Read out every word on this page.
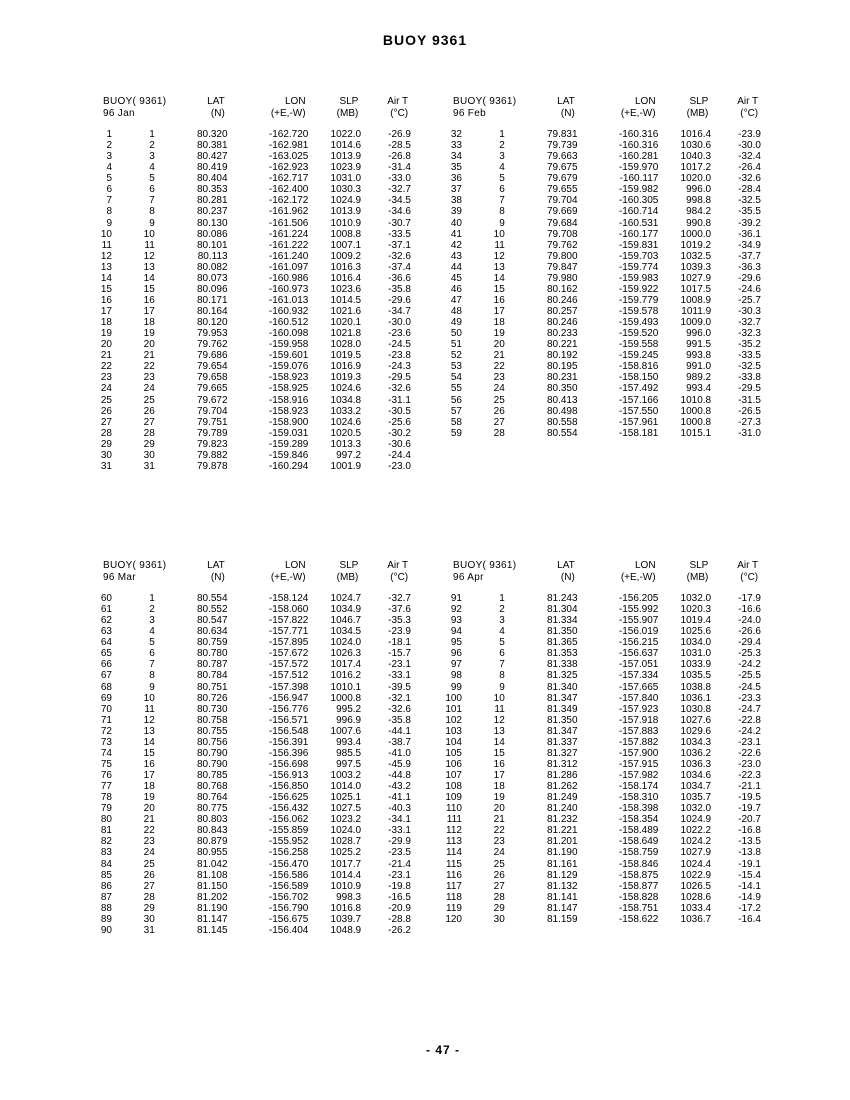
BUOY 9361
BUOY( 9361)	LAT	LON	SLP	Air T
96 Jan	(N)	(+E,-W)	(MB)	(°C)
1	1	80.320	-162.720 1022.0	-26.9
2	2	80.381	-162.981 1014.6	-28.5
3	3	80.427	-163.025 1013.9	-26.8
4	4	80.419	-162.923 1023.9	-31.4
5	5	80.404	-162.717 1031.0	-33.0
6	6	80.353	-162.400 1030.3	-32.7
7	7	80.281	-162.172 1024.9	-34.5
8	8	80.237	-161.962 1013.9	-34.6
9	9	80.130	-161.506 1010.9	-30.7
10	10	80.086	-161.224 1008.8	-33.5
11	11	80.101	-161.222 1007.1	-37.1
12	12	80.113	-161.240 1009.2	-32.6
13	13	80.082	-161.097 1016.3	-37.4
14	14	80.073	-160.986 1016.4	-36.6
15	15	80.096	-160.973 1023.6	-35.8
16	16	80.171	-161.013 1014.5	-29.6
17	17	80.164	-160.932 1021.6	-34.7
18	18	80.120	-160.512 1020.1	-30.0
19	19	79.953	-160.098 1021.8	-23.6
20	20	79.762	-159.958 1028.0	-24.5
21	21	79.686	-159.601 1019.5	-23.8
22	22	79.654	-159.076 1016.9	-24.3
23	23	79.658	-158.923 1019.3	-29.5
24	24	79.665	-158.925 1024.6	-32.6
25	25	79.672	-158.916 1034.8	-31.1
26	26	79.704	-158.923 1033.2	-30.5
27	27	79.751	-158.900 1024.6	-25.6
28	28	79.789	-159.031 1020.5	-30.2
29	29	79.823	-159.289 1013.3	-30.6
30	30	79.882	-159.846	997.2	-24.4
31	31	79.878	-160.294 1001.9	-23.0
BUOY( 9361)	LAT	LON	SLP	Air T
96 Feb	(N)	(+E,-W)	(MB)	(°C)
32	1	79.831	-160.316 1016.4	-23.9
33	2	79.739	-160.316 1030.6	-30.0
34	3	79.663	-160.281 1040.3	-32.4
35	4	79.675	-159.970 1017.2	-26.4
36	5	79.679	-160.117 1020.0	-32.6
37	6	79.655	-159.982	996.0	-28.4
38	7	79.704	-160.305	998.8	-32.5
39	8	79.669	-160.714	984.2	-35.5
40	9	79.684	-160.531	990.8	-39.2
41	10	79.708	-160.177 1000.0	-36.1
42	11	79.762	-159.831 1019.2	-34.9
43	12	79.800	-159.703 1032.5	-37.7
44	13	79.847	-159.774 1039.3	-36.3
45	14	79.980	-159.983 1027.9	-29.6
46	15	80.162	-159.922 1017.5	-24.6
47	16	80.246	-159.779 1008.9	-25.7
48	17	80.257	-159.578 1011.9	-30.3
49	18	80.246	-159.493 1009.0	-32.7
50	19	80.233	-159.520	996.0	-32.3
51	20	80.221	-159.558	991.5	-35.2
52	21	80.192	-159.245	993.8	-33.5
53	22	80.195	-158.816	991.0	-32.5
54	23	80.231	-158.150	989.2	-33.8
55	24	80.350	-157.492	993.4	-29.5
56	25	80.413	-157.166 1010.8	-31.5
57	26	80.498	-157.550 1000.8	-26.5
58	27	80.558	-157.961 1000.8	-27.3
59	28	80.554	-158.181 1015.1	-31.0
BUOY( 9361)	LAT	LON	SLP	Air T
96 Mar	(N)	(+E,-W)	(MB)	(°C)
60	1	80.554	-158.124 1024.7	-32.7
61	2	80.552	-158.060 1034.9	-37.6
62	3	80.547	-157.822 1046.7	-35.3
63	4	80.634	-157.771 1034.5	-23.9
64	5	80.759	-157.895 1024.0	-18.1
65	6	80.780	-157.672 1026.3	-15.7
66	7	80.787	-157.572 1017.4	-23.1
67	8	80.784	-157.512 1016.2	-33.1
68	9	80.751	-157.398 1010.1	-39.5
69	10	80.726	-156.947 1000.8	-32.1
70	11	80.730	-156.776	995.2	-32.6
71	12	80.758	-156.571	996.9	-35.8
72	13	80.755	-156.548 1007.6	-44.1
73	14	80.756	-156.391	993.4	-38.7
74	15	80.790	-156.396	985.5	-41.0
75	16	80.790	-156.698	997.5	-45.9
76	17	80.785	-156.913 1003.2	-44.8
77	18	80.768	-156.850 1014.0	-43.2
78	19	80.764	-156.625 1025.1	-41.1
79	20	80.775	-156.432 1027.5	-40.3
80	21	80.803	-156.062 1023.2	-34.1
81	22	80.843	-155.859 1024.0	-33.1
82	23	80.879	-155.952 1028.7	-29.9
83	24	80.955	-156.258 1025.2	-23.5
84	25	81.042	-156.470 1017.7	-21.4
85	26	81.108	-156.586 1014.4	-23.1
86	27	81.150	-156.589 1010.9	-19.8
87	28	81.202	-156.702	998.3	-16.5
88	29	81.190	-156.790 1016.8	-20.9
89	30	81.147	-156.675 1039.7	-28.8
90	31	81.145	-156.404 1048.9	-26.2
BUOY( 9361)	LAT	LON	SLP	Air T
96 Apr	(N)	(+E,-W)	(MB)	(°C)
91	1	81.243	-156.205 1032.0	-17.9
92	2	81.304	-155.992 1020.3	-16.6
93	3	81.334	-155.907 1019.4	-24.0
94	4	81.350	-156.019 1025.6	-26.6
95	5	81.365	-156.215 1034.0	-29.4
96	6	81.353	-156.637 1031.0	-25.3
97	7	81.338	-157.051 1033.9	-24.2
98	8	81.325	-157.334 1035.5	-25.5
99	9	81.340	-157.665 1038.8	-24.5
100	10	81.347	-157.840 1036.1	-23.3
101	11	81.349	-157.923 1030.8	-24.7
102	12	81.350	-157.918 1027.6	-22.8
103	13	81.347	-157.883 1029.6	-24.2
104	14	81.337	-157.882 1034.3	-23.1
105	15	81.327	-157.900 1036.2	-22.6
106	16	81.312	-157.915 1036.3	-23.0
107	17	81.286	-157.982 1034.6	-22.3
108	18	81.262	-158.174 1034.7	-21.1
109	19	81.249	-158.310 1035.7	-19.5
110	20	81.240	-158.398 1032.0	-19.7
111	21	81.232	-158.354 1024.9	-20.7
112	22	81.221	-158.489 1022.2	-16.8
113	23	81.201	-158.649 1024.2	-13.5
114	24	81.190	-158.759 1027.9	-13.8
115	25	81.161	-158.846 1024.4	-19.1
116	26	81.129	-158.875 1022.9	-15.4
117	27	81.132	-158.877 1026.5	-14.1
118	28	81.141	-158.828 1028.6	-14.9
119	29	81.147	-158.751 1033.4	-17.2
120	30	81.159	-158.622 1036.7	-16.4
- 47 -
